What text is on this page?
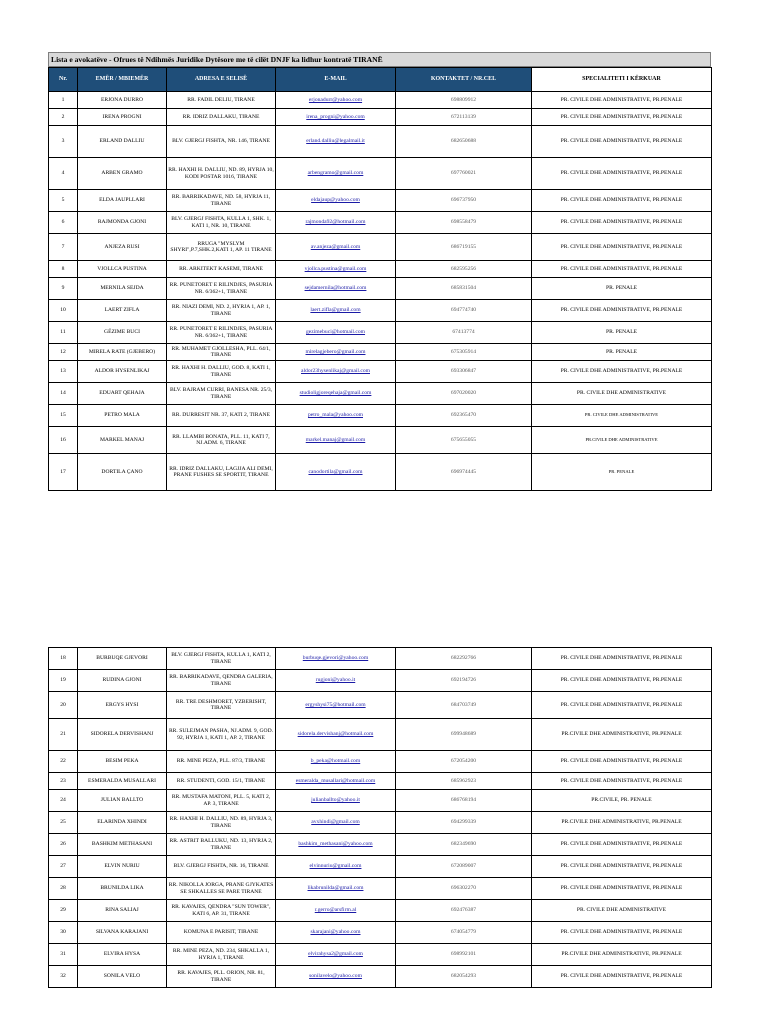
Lista e avokatëve - Ofrues të Ndihmës Juridike Dytësore me të cilët DNJF ka lidhur kontratë TIRANË
Nr.	EMËR / MBIEMËR	ADRESA E SELISË	E-MAIL	KONTAKTET / NR.CEL	SPECIALITETI I KËRKUAR
1	ERJONA DURRO	RR. FADIL DELIU, TIRANE	erjonadurr@yahoo.com	698809912	PR. CIVILE DHE ADMINISTRATIVE, PR.PENALE
2	IRENA PROGNI	RR. IDRIZ DALLAKU, TIRANE	irena_progni@yahoo.com	672113139	PR. CIVILE DHE ADMINISTRATIVE, PR.PENALE
3	ERLAND DALLIU	BLV. GJERGJ FISHTA, NR. 146, TIRANE	erland.dalliu@legalmail.it	682650688	PR. CIVILE DHE ADMINISTRATIVE, PR.PENALE
4	ARBEN GRAMO	RR. HAXHI H. DALLIU, ND. 89, HYRJA 10, KODI POSTAR 1016, TIRANE	arbengramo@gmail.com	697760021	PR. CIVILE DHE ADMINISTRATIVE, PR.PENALE
5	ELDA JAUPLLARI	RR. BARRIKADAVE, ND. 58, HYRJA 11, TIRANE	eldajaup@yahoo.com	696737950	PR. CIVILE DHE ADMINISTRATIVE, PR.PENALE
6	RAJMONDA GJONI	BLV. GJERGJ FISHTA, KULLA 1, SHK. 1, KATI 1, NR. 10, TIRANE	rajmonda92@hotmail.com	698558479	PR. CIVILE DHE ADMINISTRATIVE, PR.PENALE
7	ANJEZA RUSI	RRUGA "MYSLYM SHYRI",P.7,SHK.2,KATI 1, AP. 11 TIRANE	av.anjeza@gmail.com	686719155	PR. CIVILE DHE ADMINISTRATIVE, PR.PENALE
8	VJOLLCA PUSTINA	RR. ARKITEKT KASEMI, TIRANE	vjollca.pustina@gmail.com	682595256	PR. CIVILE DHE ADMINISTRATIVE, PR.PENALE
9	MERNILA SEJDA	RR. PUNETORET E RILINDJES, PASURIA NR. 6/362+1, TIRANE	sejdamernila@hotmail.com	685831504	PR. PENALE
10	LAERT ZIFLA	RR. NIAZI DEMI, ND. 2, HYRJA 1, AP. 1, TIRANE	laert.zifla@gmail.com	694774740	PR. CIVILE DHE ADMINISTRATIVE, PR.PENALE
11	GËZIME BUCI	RR. PUNETORET E RILINDJES, PASURIA NR. 6/362+1, TIRANE	gezimebuci@hotmail.com	67413774	PR. PENALE
12	MIRELA RATE (GJEBERO)	RR. MUHAMET GJOLLESHA, PLL. 64/1, TIRANE	mirelagjebero@gmail.com	675305914	PR. PENALE
13	ALDOR HYSENLIKAJ	RR. HAXHI H. DALLIU, GOD. 8, KATI 1, TIRANE	aldor23hysenlikaj@gmail.com	693306847	PR. CIVILE DHE ADMINISTRATIVE, PR.PENALE
14	EDUART QEHAJA	BLV. BAJRAM CURRI, BANESA NR. 25/3, TIRANE	studioligjoreqehaja@gmail.com	697020020	PR. CIVILE DHE ADMINISTRATIVE
15	PETRO MALA	RR. DURRESIT NR. 37, KATI 2, TIRANE	petro_mala@yahoo.com	692365470	PR. CIVILE DHE ADMINISTRATIVE
16	MARKEL MANAJ	RR. LLAMBI BONATA, PLL. 11, KATI 7, NJ.ADM. 6, TIRANE	markel.manaj@gmail.com	675655055	PR.CIVILE DHE ADMINISTRATIVE
17	DORTILA ÇANO	RR. IDRIZ DALLAKU, LAGJJA ALI DEMI, PRANE FUSHES SE SPORTIT, TIRANE	canodortila@gmail.com	696974445	PR. PENALE
18	BURBUQE GJEVORI	BLV. GJERGJ FISHTA, KULLA 1, KATI 2, TIRANE	burbuqe.gjevori@yahoo.com	682292766	PR. CIVILE DHE ADMINISTRATIVE, PR.PENALE
19	RUDINA GJONI	RR. BARRIKADAVE, QENDRA GALERIA, TIRANE	rugjoni@yahoo.it	692194726	PR. CIVILE DHE ADMINISTRATIVE, PR.PENALE
20	ERGYS HYSI	RR. TRE DESHMORET, YZBERISHT, TIRANE	ergyshysi75@hotmail.com	684703749	PR. CIVILE DHE ADMINISTRATIVE, PR.PENALE
21	SIDORELA DERVISHANJ	RR. SULEJMAN PASHA, NJ.ADM. 9, GOD. 92, HYRJA 1, KATI 1, AP. 2, TIRANE	sidorela.dervishanj@hotmail.com	699948689	PR.CIVILE DHE ADMINISTRATIVE, PR.PENALE
22	BESIM PEKA	RR. MINE PEZA, PLL. 87/3, TIRANE	b_peka@hotmail.com	672054200	PR. CIVILE DHE ADMINISTRATIVE, PR.PENALE
23	ESMERALDA MUSALLARI	RR. STUDENTI, GOD. 15/1, TIRANE	esmeralda_musallari@hotmail.com	685962923	PR. CIVILE DHE ADMINISTRATIVE, PR.PENALE
24	JULIAN BALLTO	RR. MUSTAFA MATONI, PLL. 5, KATI 2, AP. 3, TIRANE	julianballto@yahoo.it	686768194	PR.CIVILE, PR. PENALE
25	ELARINDA XHINDI	RR. HAXHI H. DALLIU, ND. 89, HYRJA 3, TIRANE	avxhindi@gmail.com	694299339	PR.CIVILE DHE ADMINISTRATIVE, PR.PENALE
26	BASHKIM METHASANI	RR. ASTRIT BALLUKU, ND. 13, HYRJA 2, TIRANE	bashkim_methasani@yahoo.com	682349690	PR. CIVILE DHE ADMINISTRATIVE, PR.PENALE
27	ELVIN NURIU	BLV. GJERGJ FISHTA, NR. 16, TIRANE	elvinnuriu@gmail.com	672089007	PR. CIVILE DHE ADMINISTRATIVE, PR.PENALE
28	BRUNILDA LIKA	RR. NIKOLLA JORGA, PRANE GJYKATES SE SHKALLES SE PARE TIRANE	likabrunilda@gmail.com	696302270	PR. CIVILE DHE ADMINISTRATIVE, PR.PENALE
29	RINA SALIAJ	RR. KAVAJES, QENDRA "SUN TOWER", KATI 6, AP. 31, TIRANE	r.gerro@arsfirm.al	692476387	PR. CIVILE DHE ADMINISTRATIVE
30	SILVANA KARAJANI	KOMUNA E PARISIT, TIRANE	skarajani@yahoo.com	674054779	PR. CIVILE DHE ADMINISTRATIVE, PR.PENALE
31	ELVIRA HYSA	RR. MINE PEZA, ND. 234, SHKALLA 1, HYRJA 1, TIRANE	elvirahysa2@gmail.com	698992101	PR.CIVILE DHE ADMINISTRATIVE, PR.PENALE
32	SONILA VELO	RR. KAVAJES, PLL. ORION, NR. 81, TIRANE	sonilavelo@yahoo.com	682054293	PR. CIVILE DHE ADMINISTRATIVE, PR.PENALE
